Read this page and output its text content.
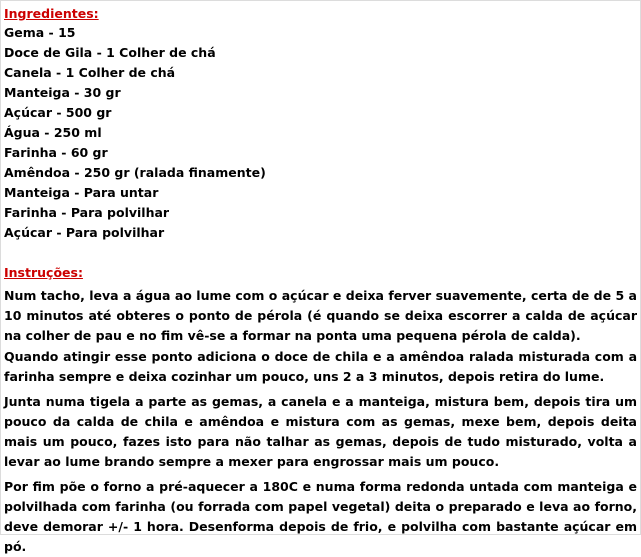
Ingredientes:
Gema - 15
Doce de Gila - 1 Colher de chá
Canela - 1 Colher de chá
Manteiga - 30 gr
Açúcar - 500 gr
Água - 250 ml
Farinha - 60 gr
Amêndoa - 250 gr (ralada finamente)
Manteiga - Para untar
Farinha - Para polvilhar
Açúcar - Para polvilhar
Instruções:

Num tacho, leva a água ao lume com o açúcar e deixa ferver suavemente, certa de de 5 a 10 minutos até obteres o ponto de pérola (é quando se deixa escorrer a calda de açúcar na colher de pau e no fim vê-se a formar na ponta uma pequena pérola de calda).

Quando atingir esse ponto adiciona o doce de chila e a amêndoa ralada misturada com a farinha sempre e deixa cozinhar um pouco, uns 2 a 3 minutos, depois retira do lume.

Junta numa tigela a parte as gemas, a canela e a manteiga, mistura bem, depois tira um pouco da calda de chila e amêndoa e mistura com as gemas, mexe bem, depois deita mais um pouco, fazes isto para não talhar as gemas, depois de tudo misturado, volta a levar ao lume brando sempre a mexer para engrossar mais um pouco.

Por fim põe o forno a pré-aquecer a 180C e numa forma redonda untada com manteiga e polvilhada com farinha (ou forrada com papel vegetal) deita o preparado e leva ao forno, deve demorar +/- 1 hora. Desenforma depois de frio, e polvilha com bastante açúcar em pó.
